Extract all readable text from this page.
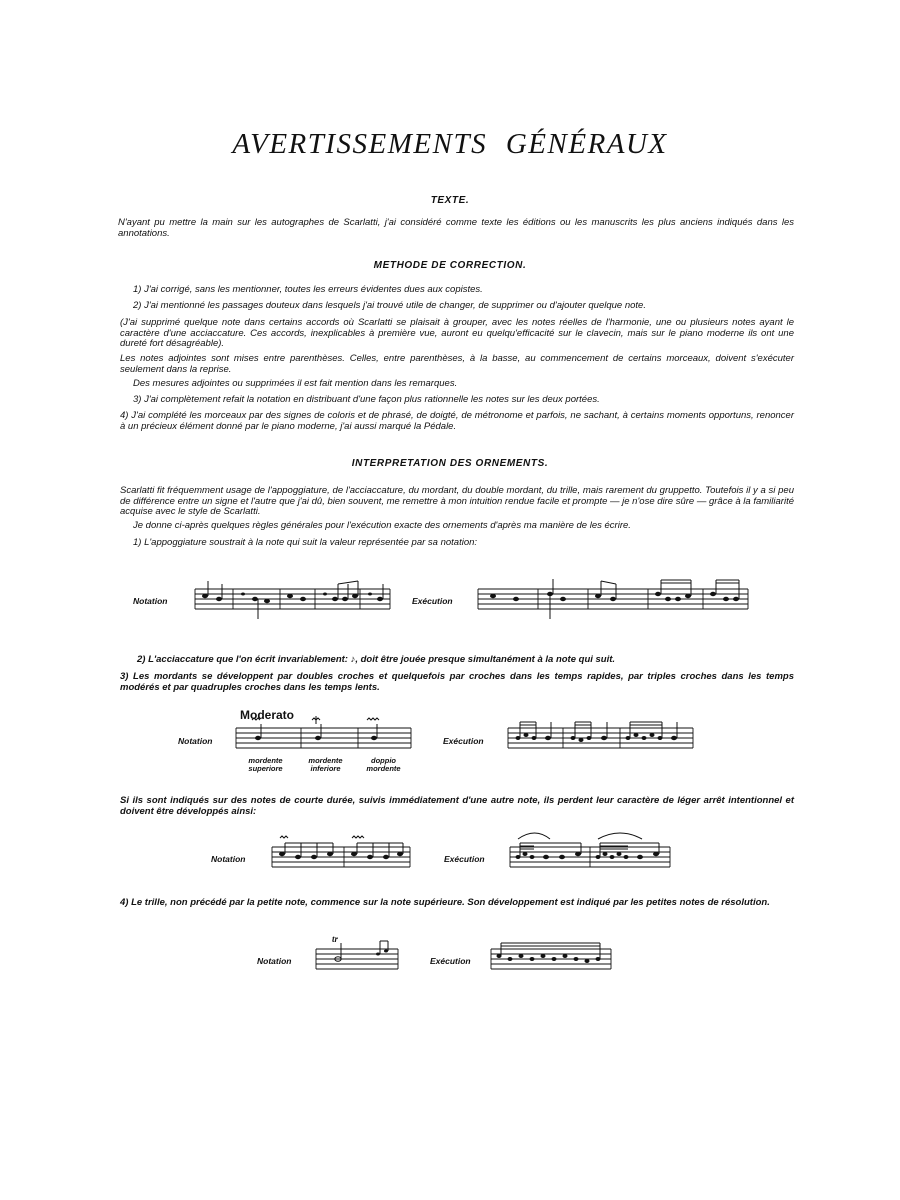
AVERTISSEMENTS GÉNÉRAUX
TEXTE.
N'ayant pu mettre la main sur les autographes de Scarlatti, j'ai considéré comme texte les éditions ou les manuscrits les plus anciens indiqués dans les annotations.
METHODE DE CORRECTION.
1) J'ai corrigé, sans les mentionner, toutes les erreurs évidentes dues aux copistes.
2) J'ai mentionné les passages douteux dans lesquels j'ai trouvé utile de changer, de supprimer ou d'ajouter quelque note.
(J'ai supprimé quelque note dans certains accords où Scarlatti se plaisait à grouper, avec les notes réelles de l'harmonie, une ou plusieurs notes ayant le caractère d'une acciaccature. Ces accords, inexplicables à première vue, auront eu quelqu'efficacité sur le clavecin, mais sur le piano moderne ils ont une dureté fort désagréable).
Les notes adjointes sont mises entre parenthèses. Celles, entre parenthèses, à la basse, au commencement de certains morceaux, doivent s'exécuter seulement dans la reprise.
Des mesures adjointes ou supprimées il est fait mention dans les remarques.
3) J'ai complètement refait la notation en distribuant d'une façon plus rationnelle les notes sur les deux portées.
4) J'ai complété les morceaux par des signes de coloris et de phrasé, de doigté, de métronome et parfois, ne sachant, à certains moments opportuns, renoncer à un précieux élément donné par le piano moderne, j'ai aussi marqué la Pédale.
INTERPRETATION DES ORNEMENTS.
Scarlatti fit fréquemment usage de l'appoggiature, de l'acciaccature, du mordant, du double mordant, du trille, mais rarement du gruppetto. Toutefois il y a si peu de différence entre un signe et l'autre que j'ai dû, bien souvent, me remettre à mon intuition rendue facile et prompte — je n'ose dire sûre — grâce à la familiarité acquise avec le style de Scarlatti.
Je donne ci-après quelques règles générales pour l'exécution exacte des ornements d'après ma manière de les écrire.
1) L'appoggiature soustrait à la note qui suit la valeur représentée par sa notation:
Notation	Exécution
2) L'acciaccature que l'on écrit invariablement: ♪, doit être jouée presque simultanément à la note qui suit.
3) Les mordants se développent par doubles croches et quelquefois par croches dans les temps rapides, par triples croches dans les temps modérés et par quadruples croches dans les temps lents.
Moderato
Notation
mordente superiore
mordente inferiore
doppio mordente
Exécution
Si ils sont indiqués sur des notes de courte durée, suivis immédiatement d'une autre note, ils perdent leur caractère de léger arrêt intentionnel et doivent être développés ainsi:
Notation	Exécution
4) Le trille, non précédé par la petite note, commence sur la note supérieure. Son développement est indiqué par les petites notes de résolution.
Notation
tr
Exécution
